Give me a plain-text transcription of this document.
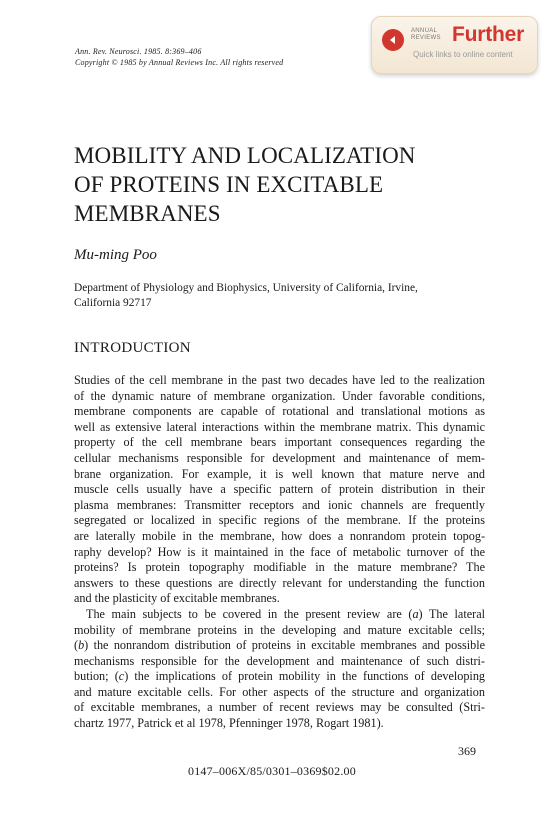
Ann. Rev. Neurosci. 1985. 8:369–406
Copyright © 1985 by Annual Reviews Inc. All rights reserved
ANNUAL
REVIEWS Further
Quick links to online content
MOBILITY AND LOCALIZATION
OF PROTEINS IN EXCITABLE
MEMBRANES
Mu-ming Poo
Department of Physiology and Biophysics, University of California, Irvine,
California 92717
INTRODUCTION
Studies of the cell membrane in the past two decades have led to the realization
of the dynamic nature of membrane organization. Under favorable conditions,
membrane components are capable of rotational and translational motions as
well as extensive lateral interactions within the membrane matrix. This dynamic
property of the cell membrane bears important consequences regarding the
cellular mechanisms responsible for development and maintenance of mem-
brane organization. For example, it is well known that mature nerve and
muscle cells usually have a specific pattern of protein distribution in their
plasma membranes: Transmitter receptors and ionic channels are frequently
segregated or localized in specific regions of the membrane. If the proteins
are laterally mobile in the membrane, how does a nonrandom protein topog-
raphy develop? How is it maintained in the face of metabolic turnover of the
proteins? Is protein topography modifiable in the mature membrane? The
answers to these questions are directly relevant for understanding the function
and the plasticity of excitable membranes.
The main subjects to be covered in the present review are (a) The lateral
mobility of membrane proteins in the developing and mature excitable cells;
(b) the nonrandom distribution of proteins in excitable membranes and possible
mechanisms responsible for the development and maintenance of such distri-
bution; (c) the implications of protein mobility in the functions of developing
and mature excitable cells. For other aspects of the structure and organization
of excitable membranes, a number of recent reviews may be consulted (Stri-
chartz 1977, Patrick et al 1978, Pfenninger 1978, Rogart 1981).
369
0147–006X/85/0301–0369$02.00
